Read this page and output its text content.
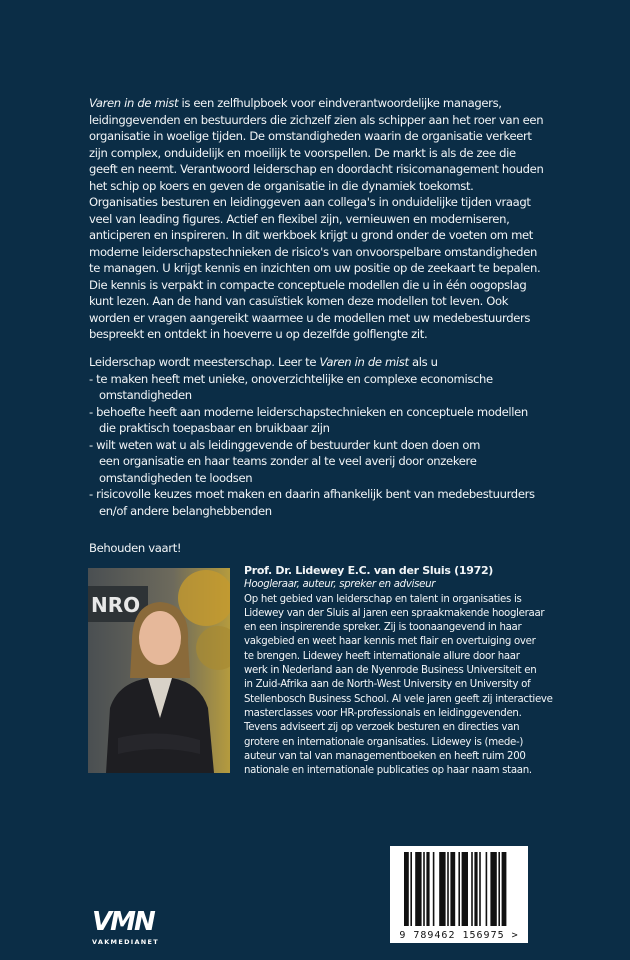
Varen in de mist is een zelfhulpboek voor eindverantwoordelijke managers,
leidinggevenden en bestuurders die zichzelf zien als schipper aan het roer van een
organisatie in woelige tijden. De omstandigheden waarin de organisatie verkeert
zijn complex, onduidelijk en moeilijk te voorspellen. De markt is als de zee die
geeft en neemt. Verantwoord leiderschap en doordacht risicomanagement houden
het schip op koers en geven de organisatie in die dynamiek toekomst.
Organisaties besturen en leidinggeven aan collega's in onduidelijke tijden vraagt
veel van leading figures. Actief en flexibel zijn, vernieuwen en moderniseren,
anticiperen en inspireren. In dit werkboek krijgt u grond onder de voeten om met
moderne leiderschapstechnieken de risico's van onvoorspelbare omstandigheden
te managen. U krijgt kennis en inzichten om uw positie op de zeekaart te bepalen.
Die kennis is verpakt in compacte conceptuele modellen die u in één oogopslag
kunt lezen. Aan de hand van casuïstiek komen deze modellen tot leven. Ook
worden er vragen aangereikt waarmee u de modellen met uw medebestuurders
bespreekt en ontdekt in hoeverre u op dezelfde golflengte zit.
Leiderschap wordt meesterschap. Leer te Varen in de mist als u
- te maken heeft met unieke, onoverzichtelijke en complexe economische
omstandigheden
- behoefte heeft aan moderne leiderschapstechnieken en conceptuele modellen
die praktisch toepasbaar en bruikbaar zijn
- wilt weten wat u als leidinggevende of bestuurder kunt doen doen om
een organisatie en haar teams zonder al te veel averij door onzekere
omstandigheden te loodsen
- risicovolle keuzes moet maken en daarin afhankelijk bent van medebestuurders
en/of andere belanghebbenden
Behouden vaart!
NRO
Prof. Dr. Lidewey E.C. van der Sluis (1972)
Hoogleraar, auteur, spreker en adviseur
Op het gebied van leiderschap en talent in organisaties is
Lidewey van der Sluis al jaren een spraakmakende hoogleraar
en een inspirerende spreker. Zij is toonaangevend in haar
vakgebied en weet haar kennis met flair en overtuiging over
te brengen. Lidewey heeft internationale allure door haar
werk in Nederland aan de Nyenrode Business Universiteit en
in Zuid-Afrika aan de North-West University en University of
Stellenbosch Business School. Al vele jaren geeft zij interactieve
masterclasses voor HR-professionals en leidinggevenden.
Tevens adviseert zij op verzoek besturen en directies van
grotere en internationale organisaties. Lidewey is (mede-)
auteur van tal van managementboeken en heeft ruim 200
nationale en internationale publicaties op haar naam staan.
VMN
VAKMEDIANET
9 789462 156975 >
